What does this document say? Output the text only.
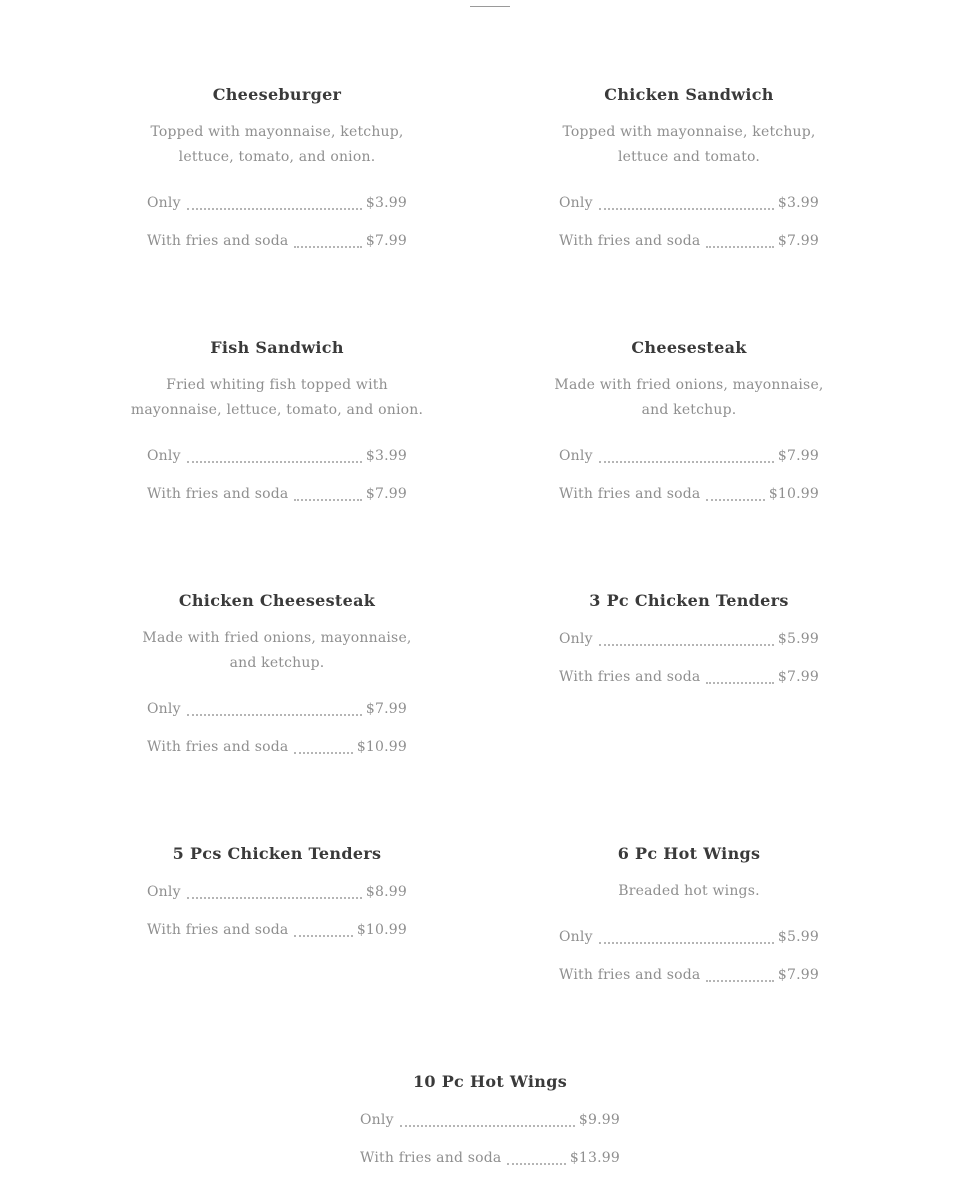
Cheeseburger
Topped with mayonnaise, ketchup, lettuce, tomato, and onion.
Only	$3.99
With fries and soda	$7.99
Chicken Sandwich
Topped with mayonnaise, ketchup, lettuce and tomato.
Only	$3.99
With fries and soda	$7.99
Fish Sandwich
Fried whiting fish topped with mayonnaise, lettuce, tomato, and onion.
Only	$3.99
With fries and soda	$7.99
Cheesesteak
Made with fried onions, mayonnaise, and ketchup.
Only	$7.99
With fries and soda	$10.99
Chicken Cheesesteak
Made with fried onions, mayonnaise, and ketchup.
Only	$7.99
With fries and soda	$10.99
3 Pc Chicken Tenders
Only	$5.99
With fries and soda	$7.99
5 Pcs Chicken Tenders
Only	$8.99
With fries and soda	$10.99
6 Pc Hot Wings
Breaded hot wings.
Only	$5.99
With fries and soda	$7.99
10 Pc Hot Wings
Only	$9.99
With fries and soda	$13.99
